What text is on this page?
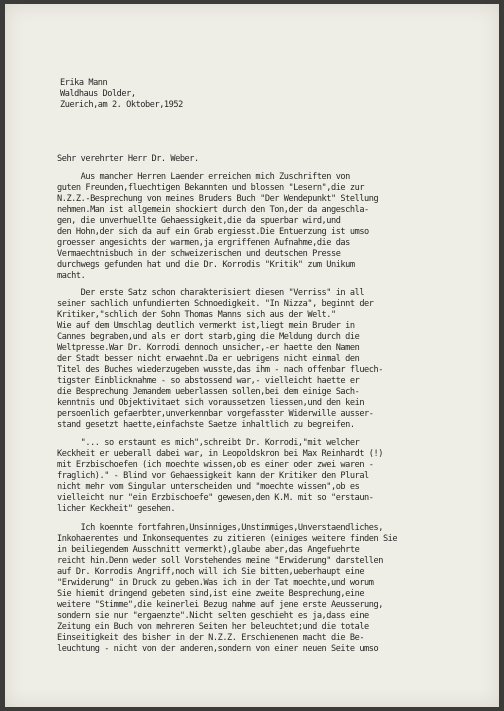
Erika Mann
Waldhaus Dolder,
Zuerich,am 2. Oktober,1952
Sehr verehrter Herr Dr. Weber.
Aus mancher Herren Laender erreichen mich Zuschriften von
guten Freunden,fluechtigen Bekannten und blossen "Lesern",die zur
N.Z.Z.-Besprechung von meines Bruders Buch "Der Wendepunkt" Stellung
nehmen.Man ist allgemein shockiert durch den Ton,der da angeschla-
gen, die unverhuellte Gehaessigkeit,die da spuerbar wird,und
den Hohn,der sich da auf ein Grab ergiesst.Die Entuerzung ist umso
groesser angesichts der warmen,ja ergriffenen Aufnahme,die das
Vermaechtnisbuch in der schweizerischen und deutschen Presse
durchwegs gefunden hat und die Dr. Korrodis "Kritik" zum Unikum
macht.
Der erste Satz schon charakterisiert diesen "Verriss" in all
seiner sachlich unfundierten Schnoedigkeit. "In Nizza", beginnt der
Kritiker,"schlich der Sohn Thomas Manns sich aus der Welt."
Wie auf dem Umschlag deutlich vermerkt ist,liegt mein Bruder in
Cannes begraben,und als er dort starb,ging die Meldung durch die
Weltpresse.War Dr. Korrodi dennoch unsicher,-er haette den Namen
der Stadt besser nicht erwaehnt.Da er uebrigens nicht einmal den
Titel des Buches wiederzugeben wusste,das ihm - nach offenbar fluech-
tigster Einblicknahme - so abstossend war,- vielleicht haette er
die Besprechung Jemandem ueberlassen sollen,bei dem einige Sach-
kenntnis und Objektivitaet sich voraussetzen liessen,und den kein
persoenlich gefaerbter,unverkennbar vorgefasster Widerwille ausser-
stand gesetzt haette,einfachste Saetze inhaltlich zu begreifen.
"... so erstaunt es mich",schreibt Dr. Korrodi,"mit welcher
Keckheit er ueberall dabei war, in Leopoldskron bei Max Reinhardt (!)
mit Erzbischoefen (ich moechte wissen,ob es einer oder zwei waren -
fraglich)." - Blind vor Gehaessigkeit kann der Kritiker den Plural
nicht mehr vom Singular unterscheiden und "moechte wissen",ob es
vielleicht nur "ein Erzbischoefe" gewesen,den K.M. mit so "erstaun-
licher Keckheit" gesehen.
Ich koennte fortfahren,Unsinniges,Unstimmiges,Unverstaendliches,
Inkohaerentes und Inkonsequentes zu zitieren (einiges weitere finden Sie
in beiliegendem Ausschnitt vermerkt),glaube aber,das Angefuehrte
reicht hin.Denn weder soll Vorstehendes meine "Erwiderung" darstellen
auf Dr. Korrodis Angriff,noch will ich Sie bitten,ueberhaupt eine
"Erwiderung" in Druck zu geben.Was ich in der Tat moechte,und worum
Sie hiemit dringend gebeten sind,ist eine zweite Besprechung,eine
weitere "Stimme",die keinerlei Bezug nahme auf jene erste Aeusserung,
sondern sie nur "ergaenzte".Nicht selten geschieht es ja,dass eine
Zeitung ein Buch von mehreren Seiten her beleuchtet;und die totale
Einseitigkeit des bisher in der N.Z.Z. Erschienenen macht die Be-
leuchtung - nicht von der anderen,sondern von einer neuen Seite umso
